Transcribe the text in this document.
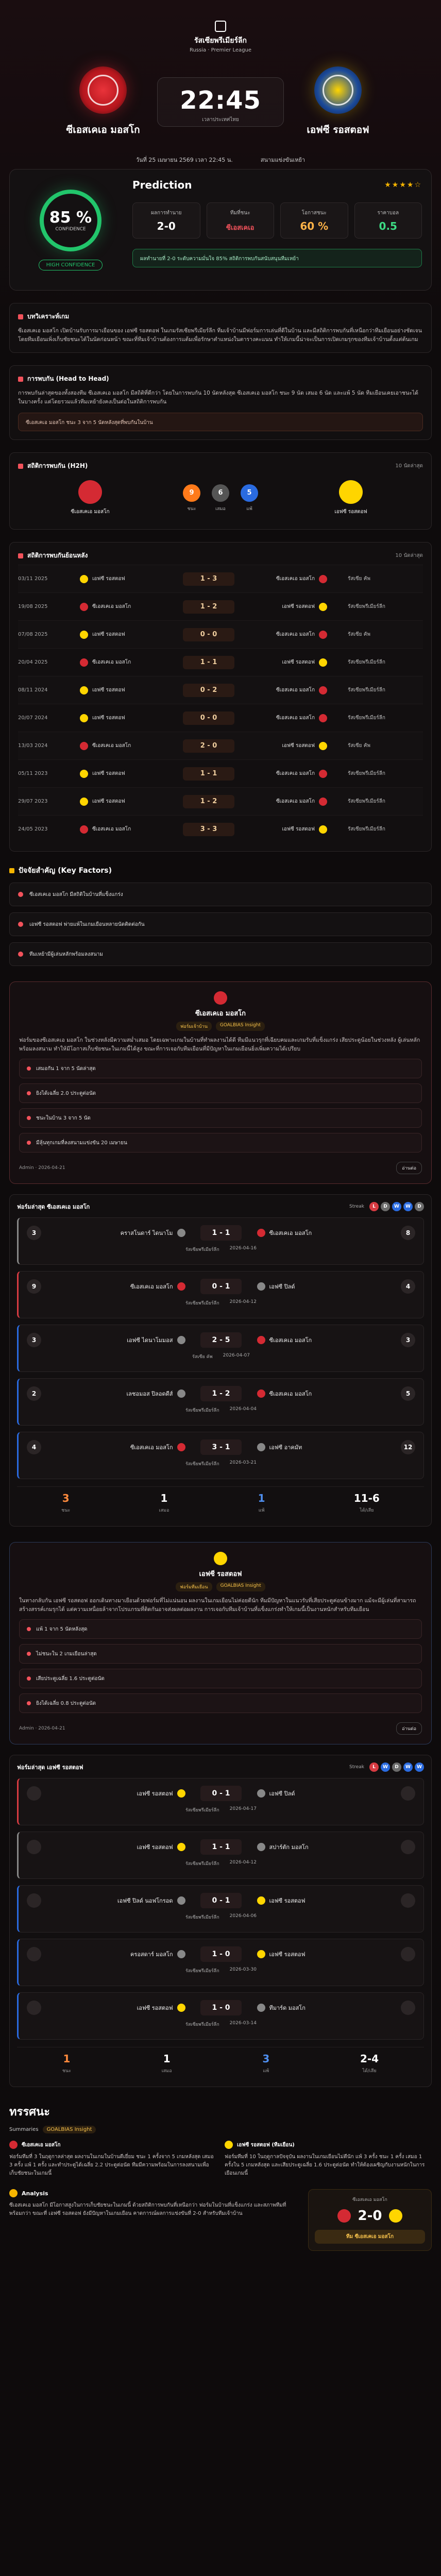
รัสเซียพรีเมียร์ลีก
Russia · Premier League
ซีเอสเคเอ มอสโก
22:45
เวลาประเทศไทย
เอฟซี รอสตอฟ
วันที่ 25 เมษายน 2569 เวลา 22:45 น.	สนามแข่งขันเหย้า
85 %
CONFIDENCE
HIGH CONFIDENCE
Prediction	★★★★☆
ผลการทำนาย
2-0
ทีมที่ชนะ
ซีเอสเคเอ
โอกาสชนะ
60 %
ราคาบอล
0.5
ผลทำนายที่ 2-0 ระดับความมั่นใจ 85% สถิติการพบกันสนับสนุนทีมเหย้า
บทวิเคราะห์เกม
ซีเอสเคเอ มอสโก เปิดบ้านรับการมาเยือนของ เอฟซี รอสตอฟ ในเกมรัสเซียพรีเมียร์ลีก ทีมเจ้าบ้านมีฟอร์มการเล่นที่ดีในบ้าน และมีสถิติการพบกันที่เหนือกว่าทีมเยือนอย่างชัดเจน โดยทีมเยือนเพิ่งเก็บชัยชนะได้ในนัดก่อนหน้า ขณะที่ทีมเจ้าบ้านต้องการแต้มเพื่อรักษาตำแหน่งในตารางคะแนน ทำให้เกมนี้น่าจะเป็นการเปิดเกมรุกของทีมเจ้าบ้านตั้งแต่ต้นเกม
การพบกัน (Head to Head)
การพบกันล่าสุดของทั้งสองทีม ซีเอสเคเอ มอสโก มีสถิติที่ดีกว่า โดยในการพบกัน 10 นัดหลังสุด ซีเอสเคเอ มอสโก ชนะ 9 นัด เสมอ 6 นัด และแพ้ 5 นัด ทีมเยือนเคยเอาชนะได้ในบางครั้ง แต่โดยรวมแล้วทีมเหย้ายังคงเป็นต่อในสถิติการพบกัน
ซีเอสเคเอ มอสโก ชนะ 3 จาก 5 นัดหลังสุดที่พบกันในบ้าน
สถิติการพบกัน (H2H)	10 นัดล่าสุด
ซีเอสเคเอ มอสโก
9
ชนะ
6
เสมอ
5
แพ้
เอฟซี รอสตอฟ
สถิติการพบกันย้อนหลัง	10 นัดล่าสุด
03/11 2025	เอฟซี รอสตอฟ	1 - 3	ซีเอสเคเอ มอสโก	รัสเซีย คัพ
19/08 2025	ซีเอสเคเอ มอสโก	1 - 2	เอฟซี รอสตอฟ	รัสเซียพรีเมียร์ลีก
07/08 2025	เอฟซี รอสตอฟ	0 - 0	ซีเอสเคเอ มอสโก	รัสเซีย คัพ
20/04 2025	ซีเอสเคเอ มอสโก	1 - 1	เอฟซี รอสตอฟ	รัสเซียพรีเมียร์ลีก
08/11 2024	เอฟซี รอสตอฟ	0 - 2	ซีเอสเคเอ มอสโก	รัสเซียพรีเมียร์ลีก
20/07 2024	เอฟซี รอสตอฟ	0 - 0	ซีเอสเคเอ มอสโก	รัสเซียพรีเมียร์ลีก
13/03 2024	ซีเอสเคเอ มอสโก	2 - 0	เอฟซี รอสตอฟ	รัสเซีย คัพ
05/11 2023	เอฟซี รอสตอฟ	1 - 1	ซีเอสเคเอ มอสโก	รัสเซียพรีเมียร์ลีก
29/07 2023	เอฟซี รอสตอฟ	1 - 2	ซีเอสเคเอ มอสโก	รัสเซียพรีเมียร์ลีก
24/05 2023	ซีเอสเคเอ มอสโก	3 - 3	เอฟซี รอสตอฟ	รัสเซียพรีเมียร์ลีก
ปัจจัยสำคัญ (Key Factors)
ซีเอสเคเอ มอสโก มีสถิติในบ้านที่แข็งแกร่ง
เอฟซี รอสตอฟ พ่ายแพ้ในเกมเยือนหลายนัดติดต่อกัน
ทีมเหย้ามีผู้เล่นหลักพร้อมลงสนาม
ซีเอสเคเอ มอสโก
ฟอร์มเจ้าบ้าน	GOALBIAS Insight
ฟอร์มของซีเอสเคเอ มอสโก ในช่วงหลังมีความสม่ำเสมอ โดยเฉพาะเกมในบ้านที่ทำผลงานได้ดี ทีมมีแนวรุกที่เฉียบคมและเกมรับที่แข็งแกร่ง เสียประตูน้อยในช่วงหลัง ผู้เล่นหลักพร้อมลงสนาม ทำให้มีโอกาสเก็บชัยชนะในเกมนี้ได้สูง ขณะที่การเจอกับทีมเยือนที่มีปัญหาในเกมเยือนยิ่งเพิ่มความได้เปรียบ
เสมอกัน 1 จาก 5 นัดล่าสุด
ยิงได้เฉลี่ย 2.0 ประตูต่อนัด
ชนะในบ้าน 3 จาก 5 นัด
มีลุ้นทุกเกมที่ลงสนามแข่งขัน 20 เมษายน
Admin · 2026-04-21	อ่านต่อ
ฟอร์มล่าสุด ซีเอสเคเอ มอสโก	Streak	L D W W D
3	คราสโนดาร์ ไดนาโม	1 - 1	ซีเอสเคเอ มอสโก	8
รัสเซียพรีเมียร์ลีก 2026-04-16
9	ซีเอสเคเอ มอสโก	0 - 1	เอฟซี ปิลด์	4
รัสเซียพรีเมียร์ลีก 2026-04-12
3	เอฟซี ไดนาโมมอส	2 - 5	ซีเอสเคเอ มอสโก	3
รัสเซีย คัพ 2026-04-07
2	เลชอมอส ปิลอดดีส์	1 - 2	ซีเอสเคเอ มอสโก	5
รัสเซียพรีเมียร์ลีก 2026-04-04
4	ซีเอสเคเอ มอสโก	3 - 1	เอฟซี อาคมัท	12
รัสเซียพรีเมียร์ลีก 2026-03-21
3
ชนะ
1
เสมอ
1
แพ้
11-6
ได้/เสีย
เอฟซี รอสตอฟ
ฟอร์มทีมเยือน	GOALBIAS Insight
ในทางกลับกัน เอฟซี รอสตอฟ ออกเดินทางมาเยือนด้วยฟอร์มที่ไม่แน่นอน ผลงานในเกมเยือนไม่ค่อยดีนัก ทีมมีปัญหาในแนวรับที่เสียประตูค่อนข้างมาก แม้จะมีผู้เล่นที่สามารถสร้างสรรค์เกมรุกได้ แต่ความเหนื่อยล้าจากโปรแกรมที่ติดกันอาจส่งผลต่อผลงาน การเจอกับทีมเจ้าบ้านที่แข็งแกร่งทำให้เกมนี้เป็นงานหนักสำหรับทีมเยือน
แพ้ 1 จาก 5 นัดหลังสุด
ไม่ชนะใน 2 เกมเยือนล่าสุด
เสียประตูเฉลี่ย 1.6 ประตูต่อนัด
ยิงได้เฉลี่ย 0.8 ประตูต่อนัด
Admin · 2026-04-21	อ่านต่อ
ฟอร์มล่าสุด เอฟซี รอสตอฟ	Streak	L W D W W
เอฟซี รอสตอฟ	0 - 1	เอฟซี ปิลด์
รัสเซียพรีเมียร์ลีก 2026-04-17
เอฟซี รอสตอฟ	1 - 1	สปาร์ตัก มอสโก
รัสเซียพรีเมียร์ลีก 2026-04-12
เอฟซี ปิลด์ นอฟโกรอด	0 - 1	เอฟซี รอสตอฟ
รัสเซียพรีเมียร์ลีก 2026-04-06
ครอสดาร์ มอสโก	1 - 0	เอฟซี รอสตอฟ
รัสเซียพรีเมียร์ลีก 2026-03-30
เอฟซี รอสตอฟ	1 - 0	ทีมาร์ด มอสโก
รัสเซียพรีเมียร์ลีก 2026-03-14
1
ชนะ
1
เสมอ
3
แพ้
2-4
ได้/เสีย
ทรรศนะ
Summaries	GOALBIAS Insight
ซีเอสเคเอ มอสโก
ฟอร์มทีมที่ 3 ในฤดูกาลล่าสุด ผลงานในเกมในบ้านดีเยี่ยม ชนะ 1 ครั้งจาก 5 เกมหลังสุด เสมอ 3 ครั้ง แพ้ 1 ครั้ง และทำประตูได้เฉลี่ย 2.2 ประตูต่อนัด ทีมมีความพร้อมในการลงสนามเพื่อเก็บชัยชนะในเกมนี้
เอฟซี รอสตอฟ (ทีมเยือน)
ฟอร์มทีมที่ 10 ในฤดูกาลปัจจุบัน ผลงานในเกมเยือนไม่ดีนัก แพ้ 3 ครั้ง ชนะ 1 ครั้ง เสมอ 1 ครั้งใน 5 เกมหลังสุด และเสียประตูเฉลี่ย 1.6 ประตูต่อนัด ทำให้ต้องเผชิญกับงานหนักในการเยือนเกมนี้
Analysis
ซีเอสเคเอ มอสโก มีโอกาสสูงในการเก็บชัยชนะในเกมนี้ ด้วยสถิติการพบกันที่เหนือกว่า ฟอร์มในบ้านที่แข็งแกร่ง และสภาพทีมที่พร้อมกว่า ขณะที่ เอฟซี รอสตอฟ ยังมีปัญหาในเกมเยือน คาดการณ์ผลการแข่งขันที่ 2-0 สำหรับทีมเจ้าบ้าน
ซีเอสเคเอ มอสโก
2-0
ทีม ซีเอสเคเอ มอสโก
